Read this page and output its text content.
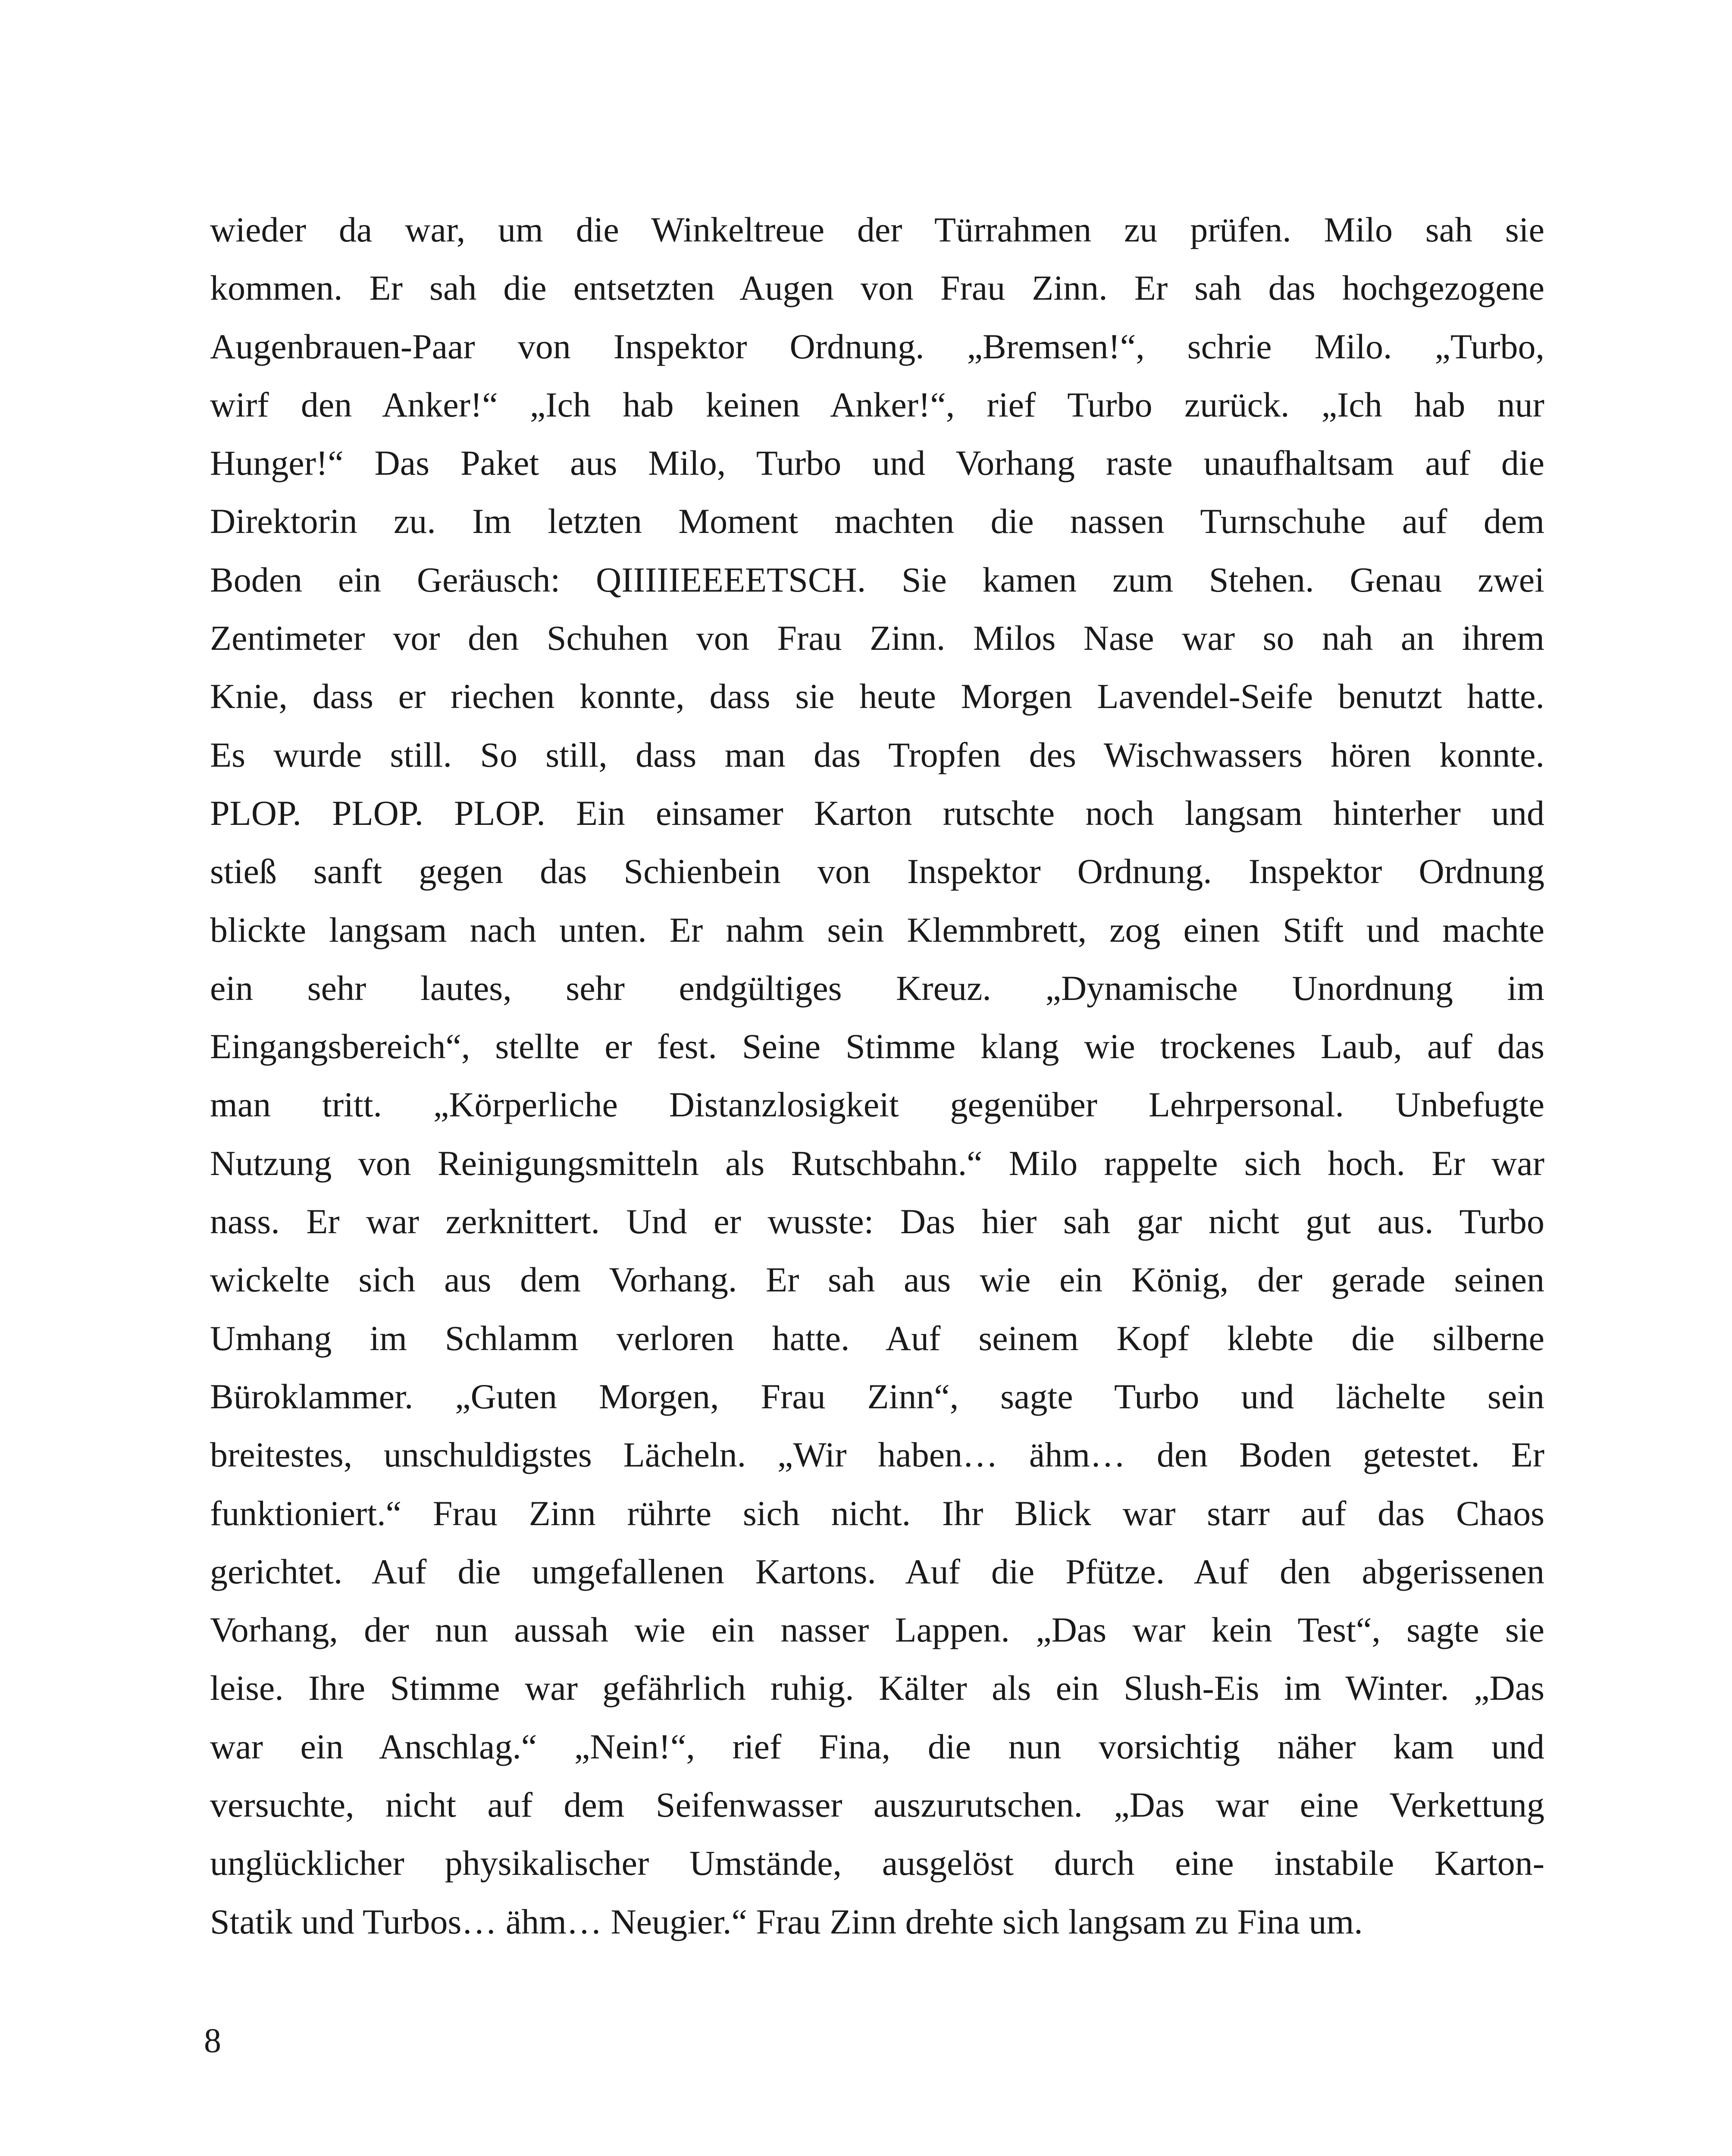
wieder da war, um die Winkeltreue der Türrahmen zu prüfen. Milo sah sie
kommen. Er sah die entsetzten Augen von Frau Zinn. Er sah das hochgezogene
Augenbrauen-Paar von Inspektor Ordnung. „Bremsen!“, schrie Milo. „Turbo,
wirf den Anker!“ „Ich hab keinen Anker!“, rief Turbo zurück. „Ich hab nur
Hunger!“ Das Paket aus Milo, Turbo und Vorhang raste unaufhaltsam auf die
Direktorin zu. Im letzten Moment machten die nassen Turnschuhe auf dem
Boden ein Geräusch: QIIIIIEEEETSCH. Sie kamen zum Stehen. Genau zwei
Zentimeter vor den Schuhen von Frau Zinn. Milos Nase war so nah an ihrem
Knie, dass er riechen konnte, dass sie heute Morgen Lavendel-Seife benutzt hatte.
Es wurde still. So still, dass man das Tropfen des Wischwassers hören konnte.
PLOP. PLOP. PLOP. Ein einsamer Karton rutschte noch langsam hinterher und
stieß sanft gegen das Schienbein von Inspektor Ordnung. Inspektor Ordnung
blickte langsam nach unten. Er nahm sein Klemmbrett, zog einen Stift und machte
ein sehr lautes, sehr endgültiges Kreuz. „Dynamische Unordnung im
Eingangsbereich“, stellte er fest. Seine Stimme klang wie trockenes Laub, auf das
man tritt. „Körperliche Distanzlosigkeit gegenüber Lehrpersonal. Unbefugte
Nutzung von Reinigungsmitteln als Rutschbahn.“ Milo rappelte sich hoch. Er war
nass. Er war zerknittert. Und er wusste: Das hier sah gar nicht gut aus. Turbo
wickelte sich aus dem Vorhang. Er sah aus wie ein König, der gerade seinen
Umhang im Schlamm verloren hatte. Auf seinem Kopf klebte die silberne
Büroklammer. „Guten Morgen, Frau Zinn“, sagte Turbo und lächelte sein
breitestes, unschuldigstes Lächeln. „Wir haben… ähm… den Boden getestet. Er
funktioniert.“ Frau Zinn rührte sich nicht. Ihr Blick war starr auf das Chaos
gerichtet. Auf die umgefallenen Kartons. Auf die Pfütze. Auf den abgerissenen
Vorhang, der nun aussah wie ein nasser Lappen. „Das war kein Test“, sagte sie
leise. Ihre Stimme war gefährlich ruhig. Kälter als ein Slush-Eis im Winter. „Das
war ein Anschlag.“ „Nein!“, rief Fina, die nun vorsichtig näher kam und
versuchte, nicht auf dem Seifenwasser auszurutschen. „Das war eine Verkettung
unglücklicher physikalischer Umstände, ausgelöst durch eine instabile Karton-
Statik und Turbos… ähm… Neugier.“ Frau Zinn drehte sich langsam zu Fina um.
8
